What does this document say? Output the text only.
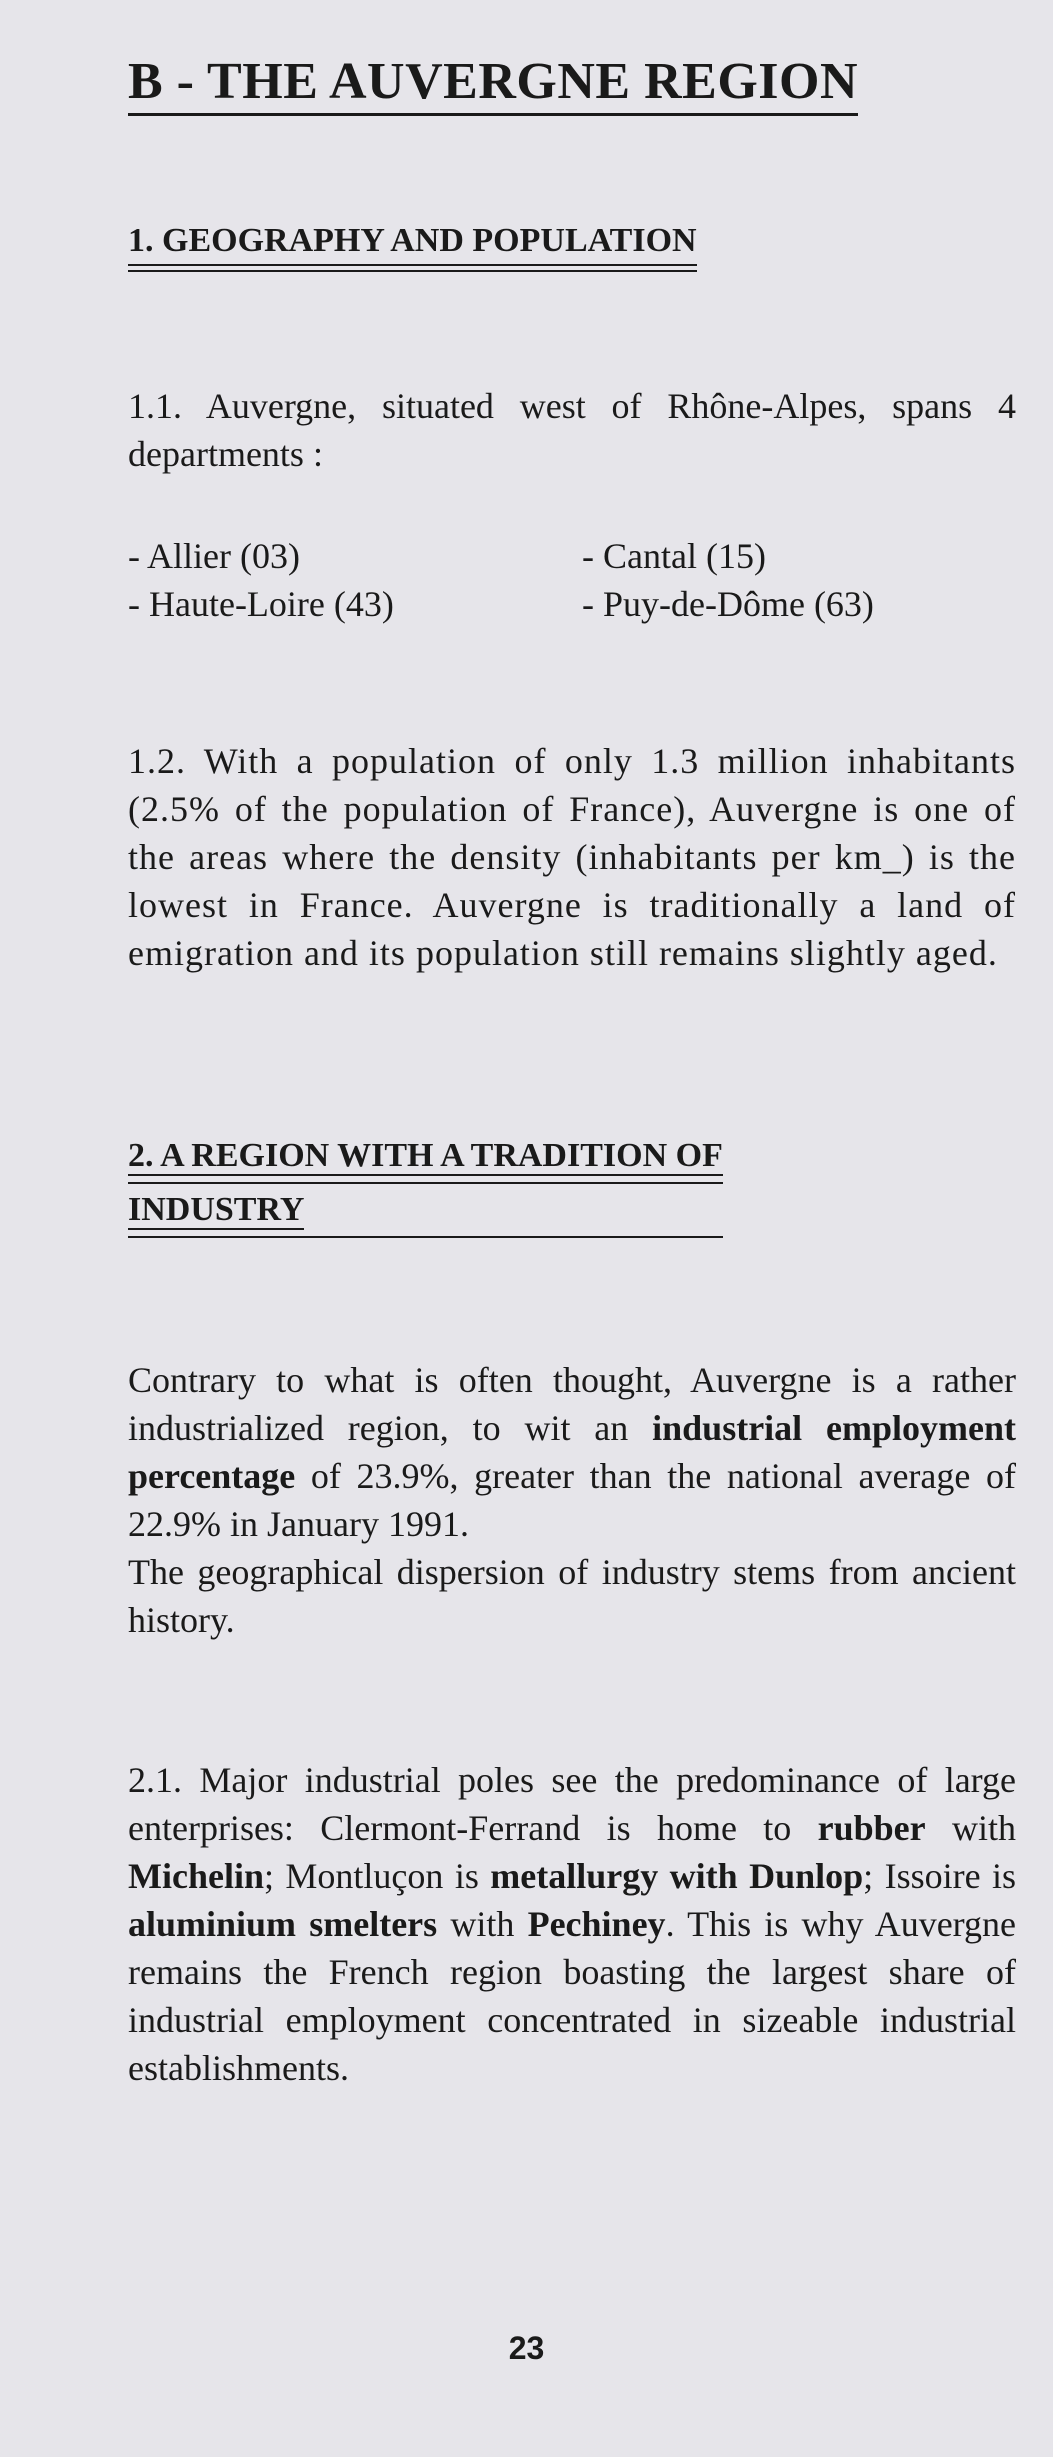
B - THE AUVERGNE REGION
1. GEOGRAPHY AND POPULATION
1.1. Auvergne, situated west of Rhône-Alpes, spans 4 departments :
- Allier (03)	- Cantal (15)
- Haute-Loire (43)	- Puy-de-Dôme (63)
1.2. With a population of only 1.3 million inhabitants (2.5% of the population of France), Auvergne is one of the areas where the density (inhabitants per km_) is the lowest in France. Auvergne is traditionally a land of emigration and its population still remains slightly aged.
2. A REGION WITH A TRADITION OF
INDUSTRY
Contrary to what is often thought, Auvergne is a rather industrialized region, to wit an industrial employment percentage of 23.9%, greater than the national average of 22.9% in January 1991.
The geographical dispersion of industry stems from ancient history.
2.1. Major industrial poles see the predominance of large enterprises: Clermont-Ferrand is home to rubber with Michelin; Montluçon is metallurgy with Dunlop; Issoire is aluminium smelters with Pechiney. This is why Auvergne remains the French region boasting the largest share of industrial employment concentrated in sizeable industrial establishments.
23
